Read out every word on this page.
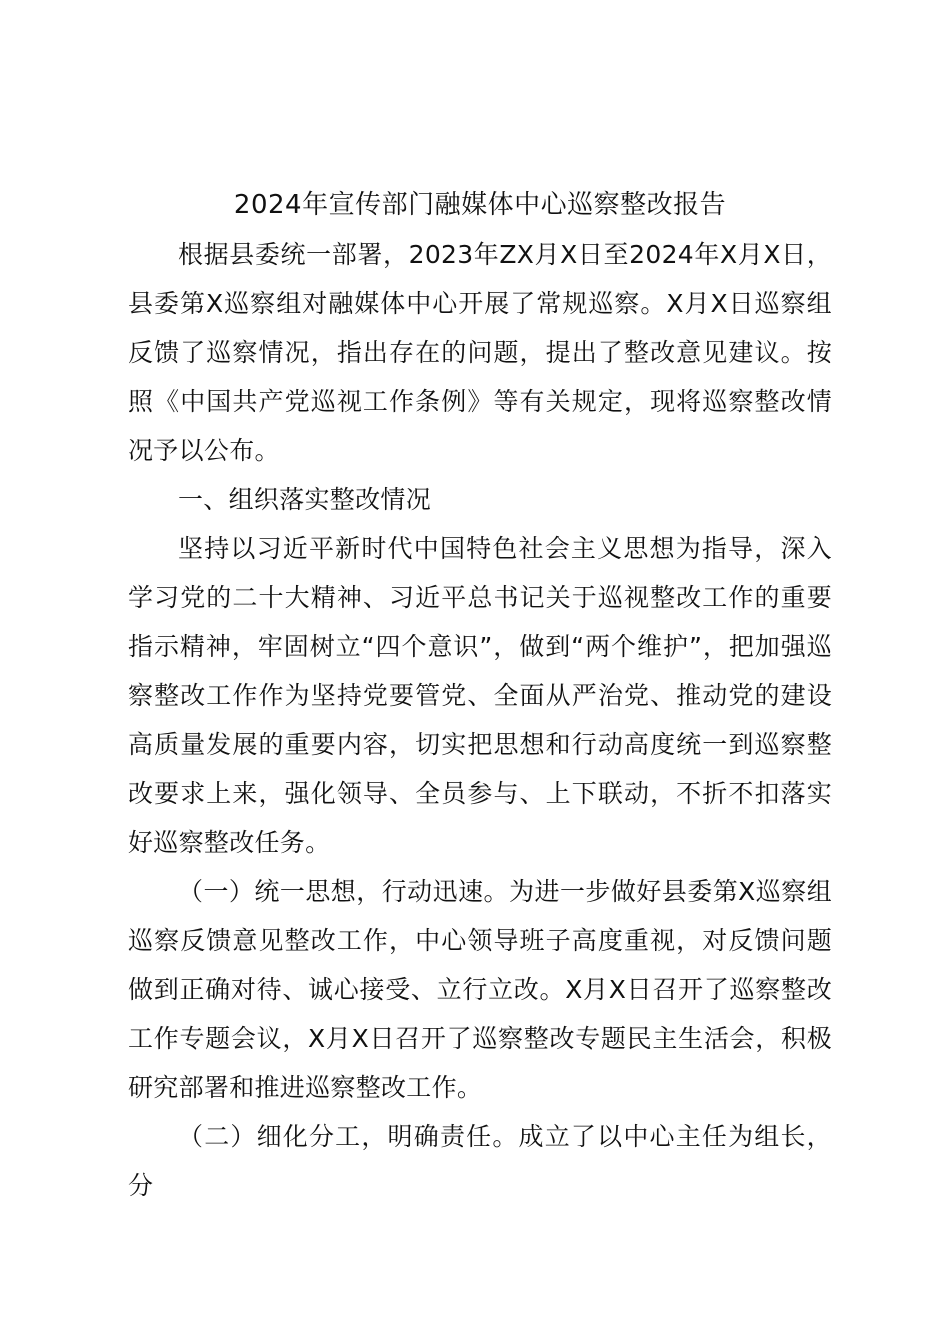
2024年宣传部门融媒体中心巡察整改报告

根据县委统一部署，2023年ZX月X日至2024年X月X日，县委第X巡察组对融媒体中心开展了常规巡察。X月X日巡察组反馈了巡察情况，指出存在的问题，提出了整改意见建议。按照《中国共产党巡视工作条例》等有关规定，现将巡察整改情况予以公布。

一、组织落实整改情况

坚持以习近平新时代中国特色社会主义思想为指导，深入学习党的二十大精神、习近平总书记关于巡视整改工作的重要指示精神，牢固树立“四个意识”，做到“两个维护”，把加强巡察整改工作作为坚持党要管党、全面从严治党、推动党的建设高质量发展的重要内容，切实把思想和行动高度统一到巡察整改要求上来，强化领导、全员参与、上下联动，不折不扣落实好巡察整改任务。

（一）统一思想，行动迅速。为进一步做好县委第X巡察组巡察反馈意见整改工作，中心领导班子高度重视，对反馈问题做到正确对待、诚心接受、立行立改。X月X日召开了巡察整改工作专题会议，X月X日召开了巡察整改专题民主生活会，积极研究部署和推进巡察整改工作。

（二）细化分工，明确责任。成立了以中心主任为组长，分
